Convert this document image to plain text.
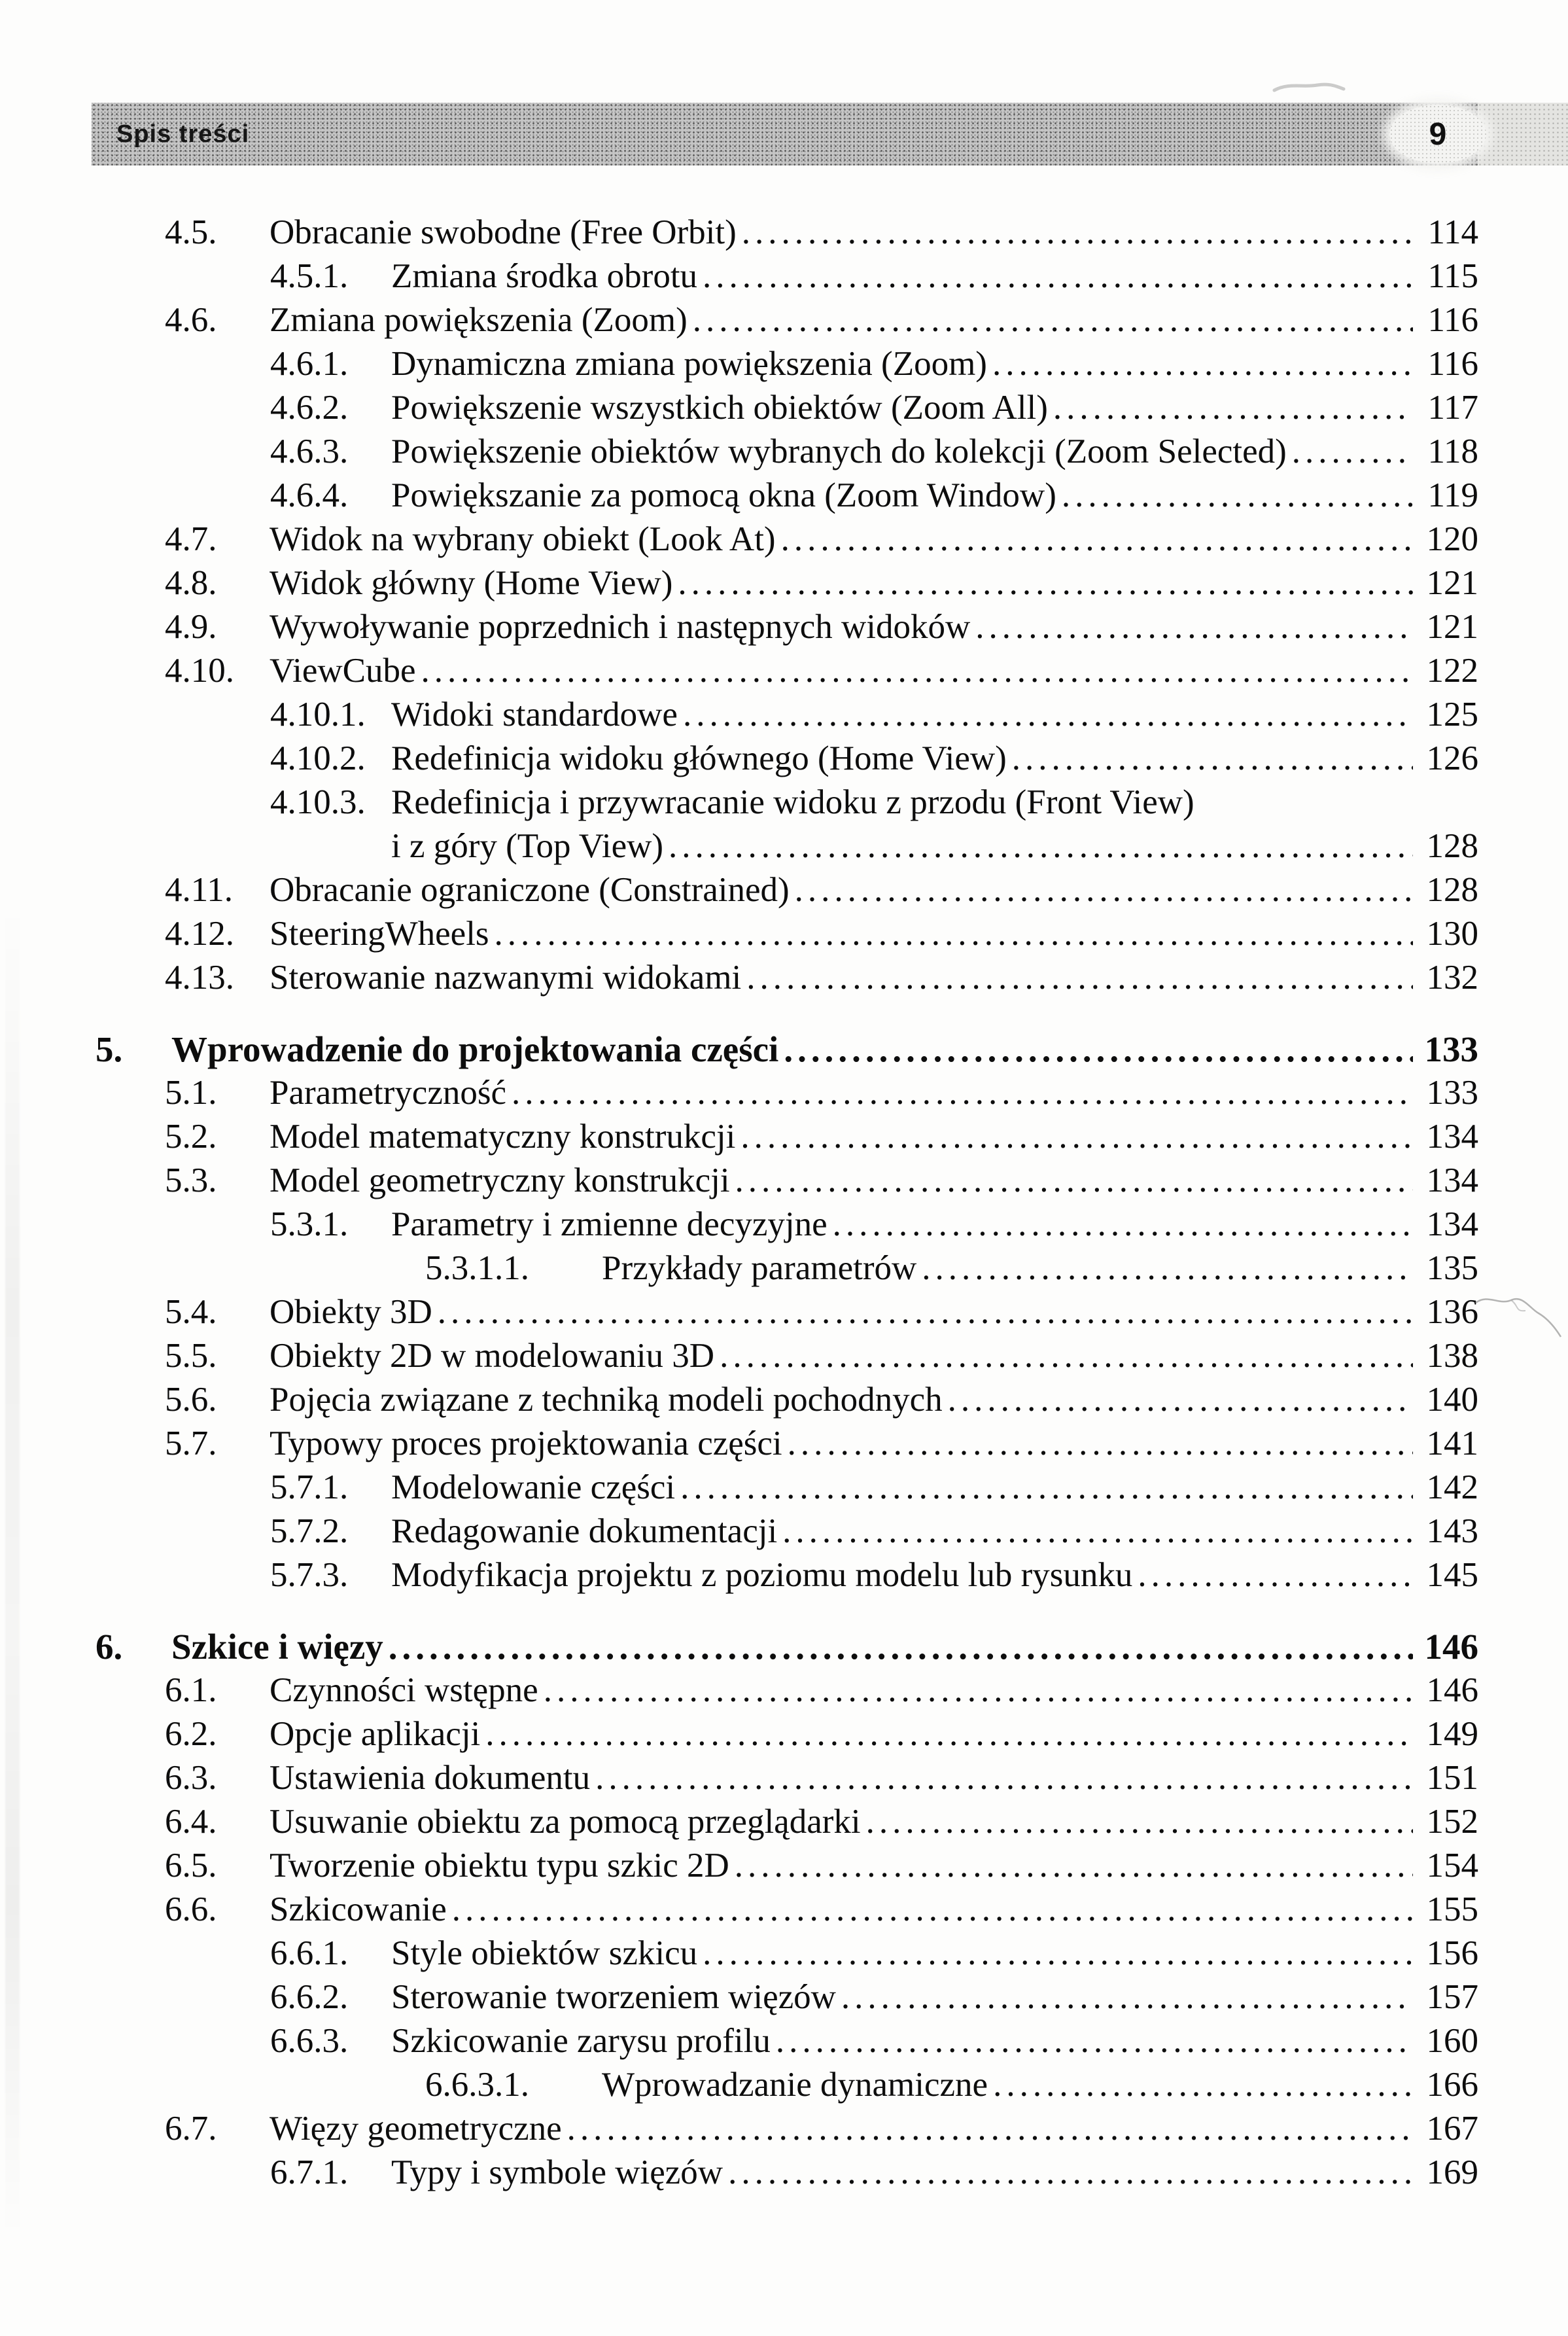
Spis treści	9
4.5.	Obracanie swobodne (Free Orbit) .....	114
4.5.1.	Zmiana środka obrotu .....	115
4.6.	Zmiana powiększenia (Zoom) .....	116
4.6.1.	Dynamiczna zmiana powiększenia (Zoom) .....	116
4.6.2.	Powiększenie wszystkich obiektów (Zoom All) .....	117
4.6.3.	Powiększenie obiektów wybranych do kolekcji (Zoom Selected) .....	118
4.6.4.	Powiększanie za pomocą okna (Zoom Window) .....	119
4.7.	Widok na wybrany obiekt (Look At) .....	120
4.8.	Widok główny (Home View) .....	121
4.9.	Wywoływanie poprzednich i następnych widoków .....	121
4.10.	ViewCube .....	122
4.10.1. Widoki standardowe .....	125
4.10.2. Redefinicja widoku głównego (Home View) .....	126
4.10.3. Redefinicja i przywracanie widoku z przodu (Front View)
i z góry (Top View) .....	128
4.11.	Obracanie ograniczone (Constrained) .....	128
4.12.	SteeringWheels .....	130
4.13.	Sterowanie nazwanymi widokami .....	132
5.	Wprowadzenie do projektowania części .....	133
5.1.	Parametryczność .....	133
5.2.	Model matematyczny konstrukcji .....	134
5.3.	Model geometryczny konstrukcji .....	134
5.3.1.	Parametry i zmienne decyzyjne .....	134
5.3.1.1.	Przykłady parametrów .....	135
5.4.	Obiekty 3D .....	136
5.5.	Obiekty 2D w modelowaniu 3D .....	138
5.6.	Pojęcia związane z techniką modeli pochodnych .....	140
5.7.	Typowy proces projektowania części .....	141
5.7.1.	Modelowanie części .....	142
5.7.2.	Redagowanie dokumentacji .....	143
5.7.3.	Modyfikacja projektu z poziomu modelu lub rysunku .....	145
6.	Szkice i więzy .....	146
6.1.	Czynności wstępne .....	146
6.2.	Opcje aplikacji .....	149
6.3.	Ustawienia dokumentu .....	151
6.4.	Usuwanie obiektu za pomocą przeglądarki .....	152
6.5.	Tworzenie obiektu typu szkic 2D .....	154
6.6.	Szkicowanie .....	155
6.6.1.	Style obiektów szkicu .....	156
6.6.2.	Sterowanie tworzeniem więzów .....	157
6.6.3.	Szkicowanie zarysu profilu .....	160
6.6.3.1.	Wprowadzanie dynamiczne .....	166
6.7.	Więzy geometryczne .....	167
6.7.1.	Typy i symbole więzów .....	169
